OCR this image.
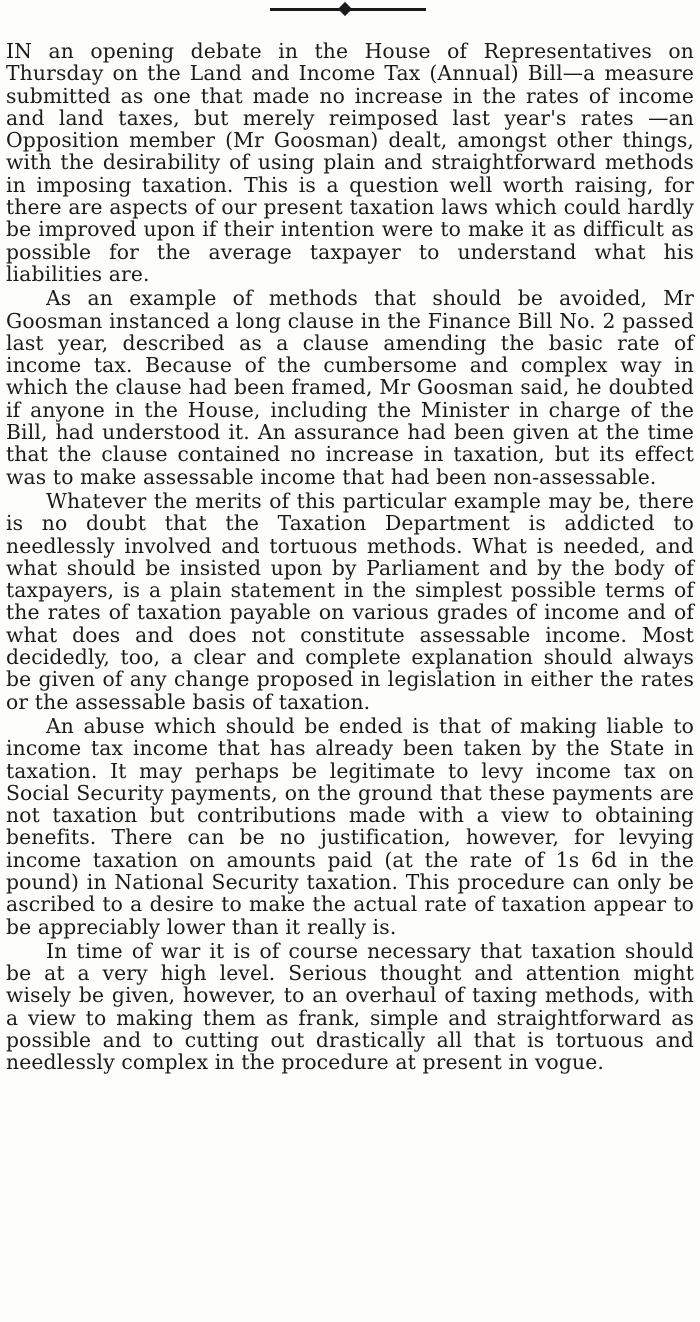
IN an opening debate in the House of Representatives on Thursday on the Land and Income Tax (Annual) Bill—a measure submitted as one that made no increase in the rates of income and land taxes, but merely reimposed last year's rates —an Opposition member (Mr Goosman) dealt, amongst other things, with the desirability of using plain and straightforward methods in imposing taxation. This is a question well worth raising, for there are aspects of our present taxation laws which could hardly be improved upon if their intention were to make it as difficult as possible for the average taxpayer to understand what his liabilities are.

As an example of methods that should be avoided, Mr Goosman instanced a long clause in the Finance Bill No. 2 passed last year, described as a clause amending the basic rate of income tax. Because of the cumbersome and complex way in which the clause had been framed, Mr Goosman said, he doubted if anyone in the House, including the Minister in charge of the Bill, had understood it. An assurance had been given at the time that the clause contained no increase in taxation, but its effect was to make assessable income that had been non-assessable.

Whatever the merits of this particular example may be, there is no doubt that the Taxation Department is addicted to needlessly involved and tortuous methods. What is needed, and what should be insisted upon by Parliament and by the body of taxpayers, is a plain statement in the simplest possible terms of the rates of taxation payable on various grades of income and of what does and does not constitute assessable income. Most decidedly, too, a clear and complete explanation should always be given of any change proposed in legislation in either the rates or the assessable basis of taxation.

An abuse which should be ended is that of making liable to income tax income that has already been taken by the State in taxation. It may perhaps be legitimate to levy income tax on Social Security payments, on the ground that these payments are not taxation but contributions made with a view to obtaining benefits. There can be no justification, however, for levying income taxation on amounts paid (at the rate of 1s 6d in the pound) in National Security taxation. This procedure can only be ascribed to a desire to make the actual rate of taxation appear to be appreciably lower than it really is.

In time of war it is of course necessary that taxation should be at a very high level. Serious thought and attention might wisely be given, however, to an overhaul of taxing methods, with a view to making them as frank, simple and straightforward as possible and to cutting out drastically all that is tortuous and needlessly complex in the procedure at present in vogue.
